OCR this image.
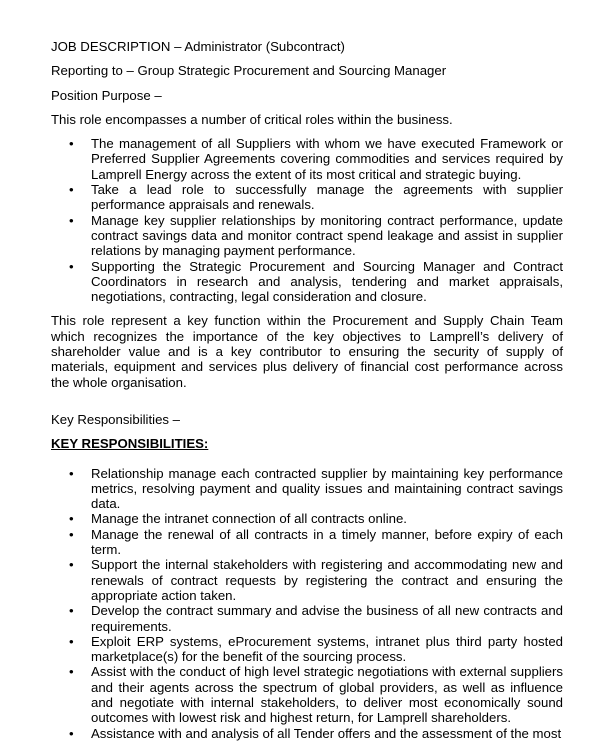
JOB DESCRIPTION – Administrator (Subcontract)

Reporting to – Group Strategic Procurement and Sourcing Manager

Position Purpose –

This role encompasses a number of critical roles within the business.

• The management of all Suppliers with whom we have executed Framework or Preferred Supplier Agreements covering commodities and services required by Lamprell Energy across the extent of its most critical and strategic buying.
• Take a lead role to successfully manage the agreements with supplier performance appraisals and renewals.
• Manage key supplier relationships by monitoring contract performance, update contract savings data and monitor contract spend leakage and assist in supplier relations by managing payment performance.
• Supporting the Strategic Procurement and Sourcing Manager and Contract Coordinators in research and analysis, tendering and market appraisals, negotiations, contracting, legal consideration and closure.

This role represent a key function within the Procurement and Supply Chain Team which recognizes the importance of the key objectives to Lamprell’s delivery of shareholder value and is a key contributor to ensuring the security of supply of materials, equipment and services plus delivery of financial cost performance across the whole organisation.

Key Responsibilities –

KEY RESPONSIBILITIES:

• Relationship manage each contracted supplier by maintaining key performance metrics, resolving payment and quality issues and maintaining contract savings data.
• Manage the intranet connection of all contracts online.
• Manage the renewal of all contracts in a timely manner, before expiry of each term.
• Support the internal stakeholders with registering and accommodating new and renewals of contract requests by registering the contract and ensuring the appropriate action taken.
• Develop the contract summary and advise the business of all new contracts and requirements.
• Exploit ERP systems, eProcurement systems, intranet plus third party hosted marketplace(s) for the benefit of the sourcing process.
• Assist with the conduct of high level strategic negotiations with external suppliers and their agents across the spectrum of global providers, as well as influence and negotiate with internal stakeholders, to deliver most economically sound outcomes with lowest risk and highest return, for Lamprell shareholders.
• Assistance with and analysis of all Tender offers and the assessment of the most
